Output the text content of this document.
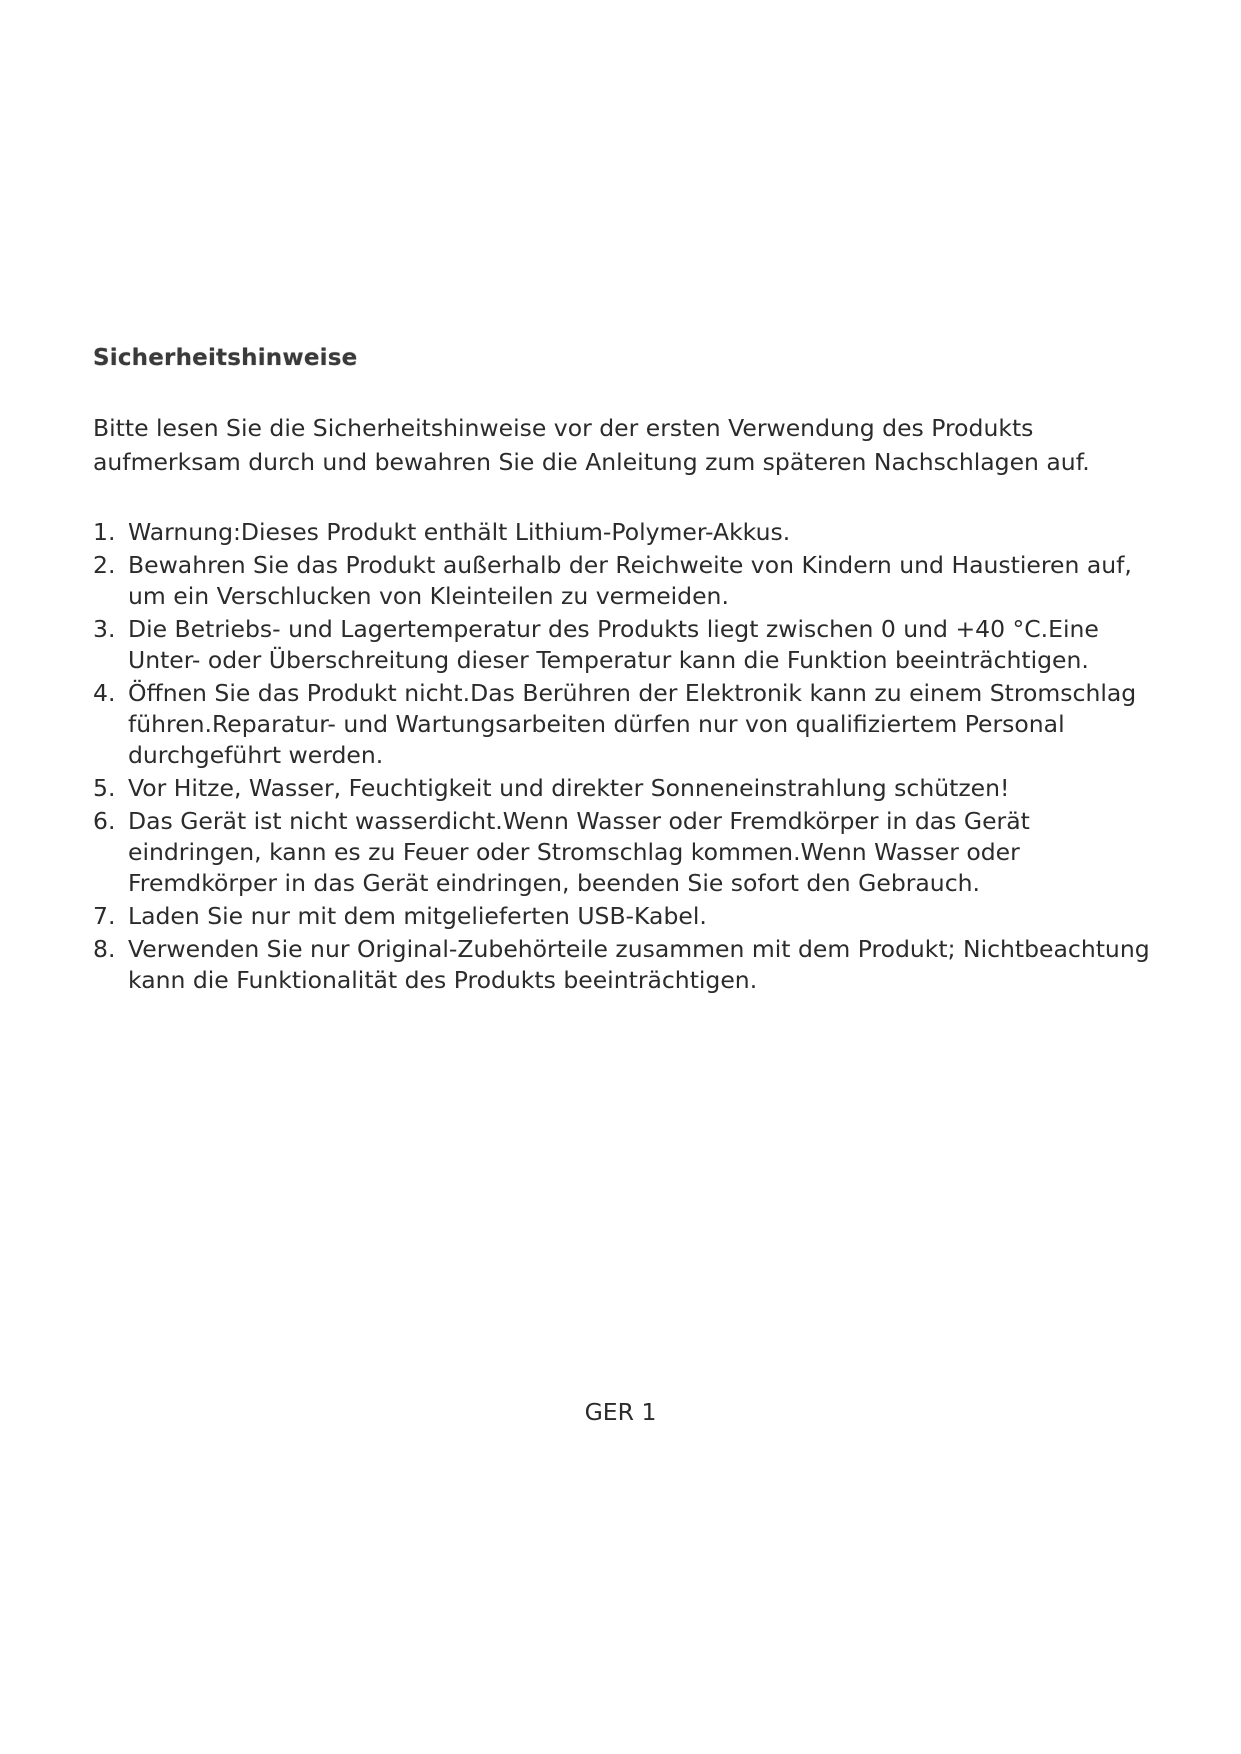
Sicherheitshinweise

Bitte lesen Sie die Sicherheitshinweise vor der ersten Verwendung des Produkts aufmerksam durch und bewahren Sie die Anleitung zum späteren Nachschlagen auf.

1. Warnung:Dieses Produkt enthält Lithium-Polymer-Akkus.
2. Bewahren Sie das Produkt außerhalb der Reichweite von Kindern und Haustieren auf, um ein Verschlucken von Kleinteilen zu vermeiden.
3. Die Betriebs- und Lagertemperatur des Produkts liegt zwischen 0 und +40 °C.Eine Unter- oder Überschreitung dieser Temperatur kann die Funktion beeinträchtigen.
4. Öffnen Sie das Produkt nicht.Das Berühren der Elektronik kann zu einem Stromschlag führen.Reparatur- und Wartungsarbeiten dürfen nur von qualifiziertem Personal durchgeführt werden.
5. Vor Hitze, Wasser, Feuchtigkeit und direkter Sonneneinstrahlung schützen!
6. Das Gerät ist nicht wasserdicht.Wenn Wasser oder Fremdkörper in das Gerät eindringen, kann es zu Feuer oder Stromschlag kommen.Wenn Wasser oder Fremdkörper in das Gerät eindringen, beenden Sie sofort den Gebrauch.
7. Laden Sie nur mit dem mitgelieferten USB-Kabel.
8. Verwenden Sie nur Original-Zubehörteile zusammen mit dem Produkt; Nichtbeachtung kann die Funktionalität des Produkts beeinträchtigen.
GER 1
